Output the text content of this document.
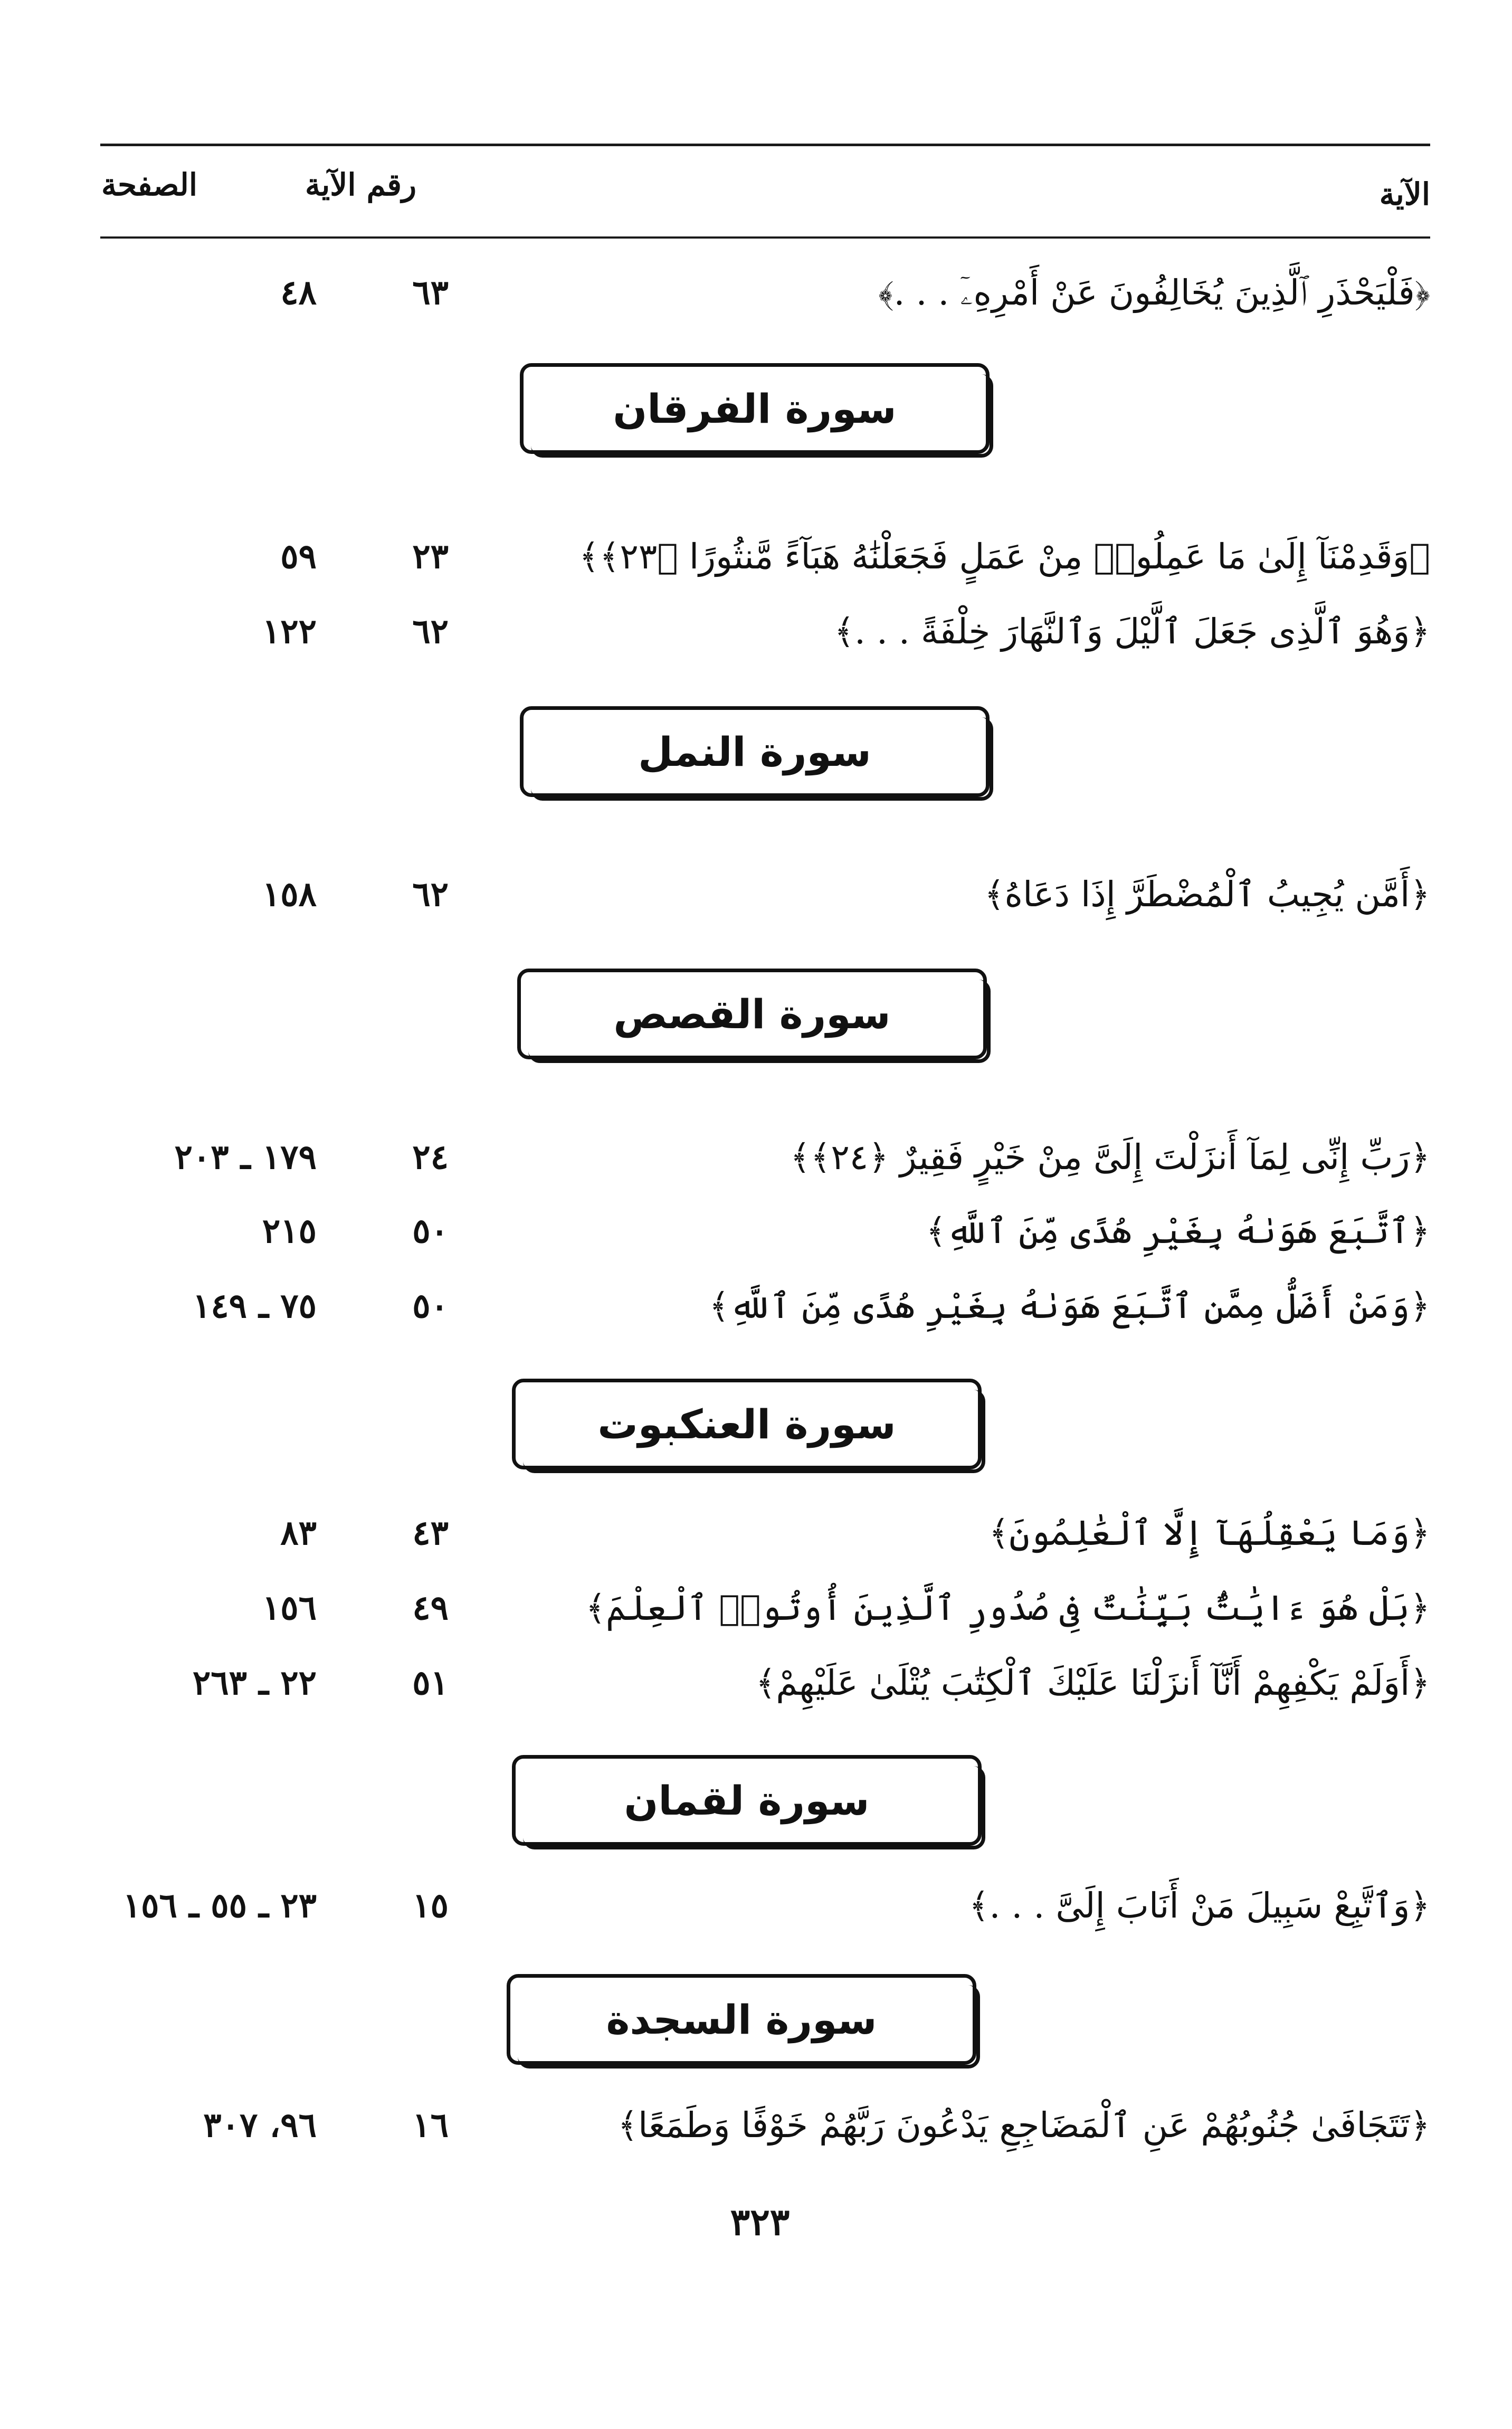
الآية
رقم الآية
الصفحة
﴿فَلْيَحْذَرِ ٱلَّذِينَ يُخَالِفُونَ عَنْ أَمْرِهِۦٓ . . .﴾
٦٣
٤٨
سورة الفرقان
﴿وَقَدِمْنَآ إِلَىٰ مَا عَمِلُوا۟ مِنْ عَمَلٍ فَجَعَلْنَٰهُ هَبَآءً مَّنثُورًا ﴿٢٣﴾﴾
٢٣
٥٩
﴿وَهُوَ ٱلَّذِى جَعَلَ ٱلَّيْلَ وَٱلنَّهَارَ خِلْفَةً . . .﴾
٦٢
١٢٢
سورة النمل
﴿أَمَّن يُجِيبُ ٱلْمُضْطَرَّ إِذَا دَعَاهُ﴾
٦٢
١٥٨
سورة القصص
﴿رَبِّ إِنِّى لِمَآ أَنزَلْتَ إِلَىَّ مِنْ خَيْرٍ فَقِيرٌ ﴿٢٤﴾﴾
٢٤
١٧٩ ـ ٢٠٣
﴿ٱتَّبَعَ هَوَىٰهُ بِغَيْرِ هُدًى مِّنَ ٱللَّهِ﴾
٥٠
٢١٥
﴿وَمَنْ أَضَلُّ مِمَّنِ ٱتَّبَعَ هَوَىٰهُ بِغَيْرِ هُدًى مِّنَ ٱللَّهِ﴾
٥٠
٧٥ ـ ١٤٩
سورة العنكبوت
﴿وَمَا يَعْقِلُهَآ إِلَّا ٱلْعَٰلِمُونَ﴾
٤٣
٨٣
﴿بَلْ هُوَ ءَايَٰتٌۢ بَيِّنَٰتٌ فِى صُدُورِ ٱلَّذِينَ أُوتُوا۟ ٱلْعِلْمَ﴾
٤٩
١٥٦
﴿أَوَلَمْ يَكْفِهِمْ أَنَّآ أَنزَلْنَا عَلَيْكَ ٱلْكِتَٰبَ يُتْلَىٰ عَلَيْهِمْ﴾
٥١
٢٢ ـ ٢٦٣
سورة لقمان
﴿وَٱتَّبِعْ سَبِيلَ مَنْ أَنَابَ إِلَىَّ . . .﴾
١٥
٢٣ ـ ٥٥ ـ ١٥٦
سورة السجدة
﴿تَتَجَافَىٰ جُنُوبُهُمْ عَنِ ٱلْمَضَاجِعِ يَدْعُونَ رَبَّهُمْ خَوْفًا وَطَمَعًا﴾
١٦
٩٦، ٣٠٧
٣٢٣
